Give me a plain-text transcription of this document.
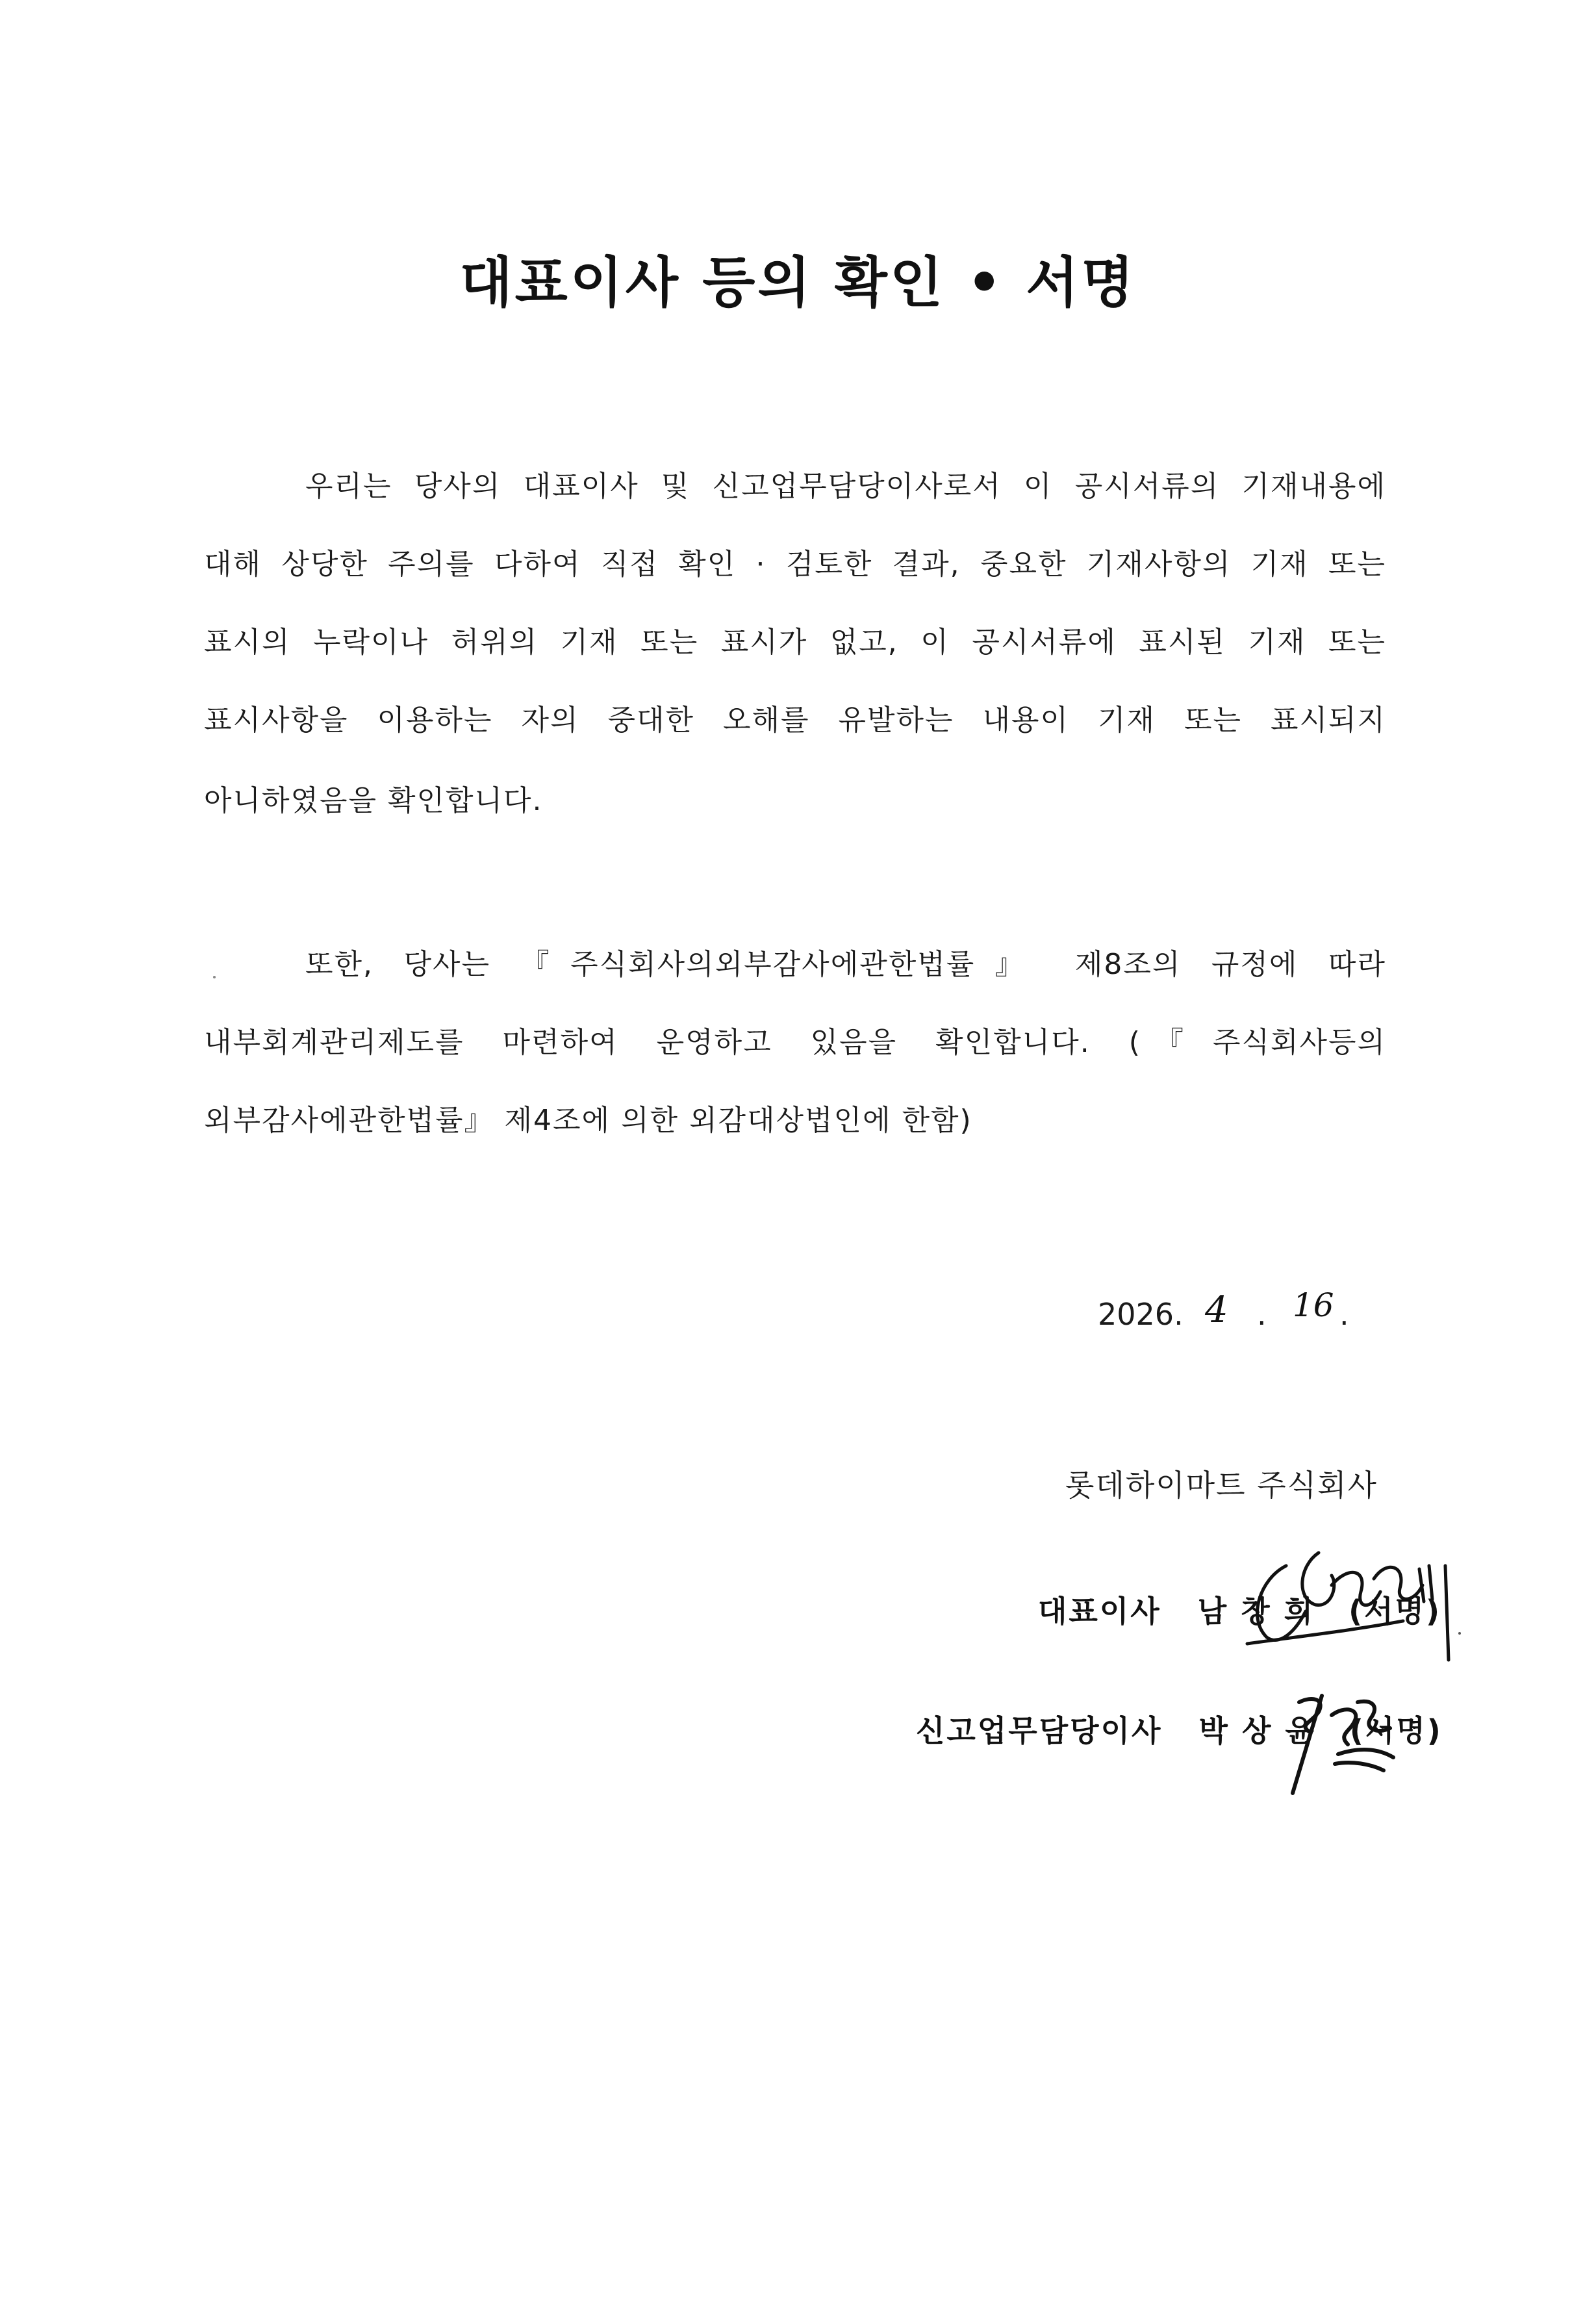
대표이사 등의 확인 • 서명
우리는 당사의 대표이사 및 신고업무담당이사로서 이 공시서류의 기재내용에
대해 상당한 주의를 다하여 직접 확인 · 검토한 결과, 중요한 기재사항의 기재 또는
표시의 누락이나 허위의 기재 또는 표시가 없고, 이 공시서류에 표시된 기재 또는
표시사항을 이용하는 자의 중대한 오해를 유발하는 내용이 기재 또는 표시되지
아니하였음을 확인합니다.
또한, 당사는 『주식회사의외부감사에관한법률』 제8조의 규정에 따라
내부회계관리제도를 마련하여 운영하고 있음을 확인합니다. (『주식회사등의
외부감사에관한법률』 제4조에 의한 외감대상법인에 한함)
2026. 4 . 16 .
롯데하이마트 주식회사
대표이사 남 창 희 (서명)
신고업무담당이사 박 상 윤 (서명)
